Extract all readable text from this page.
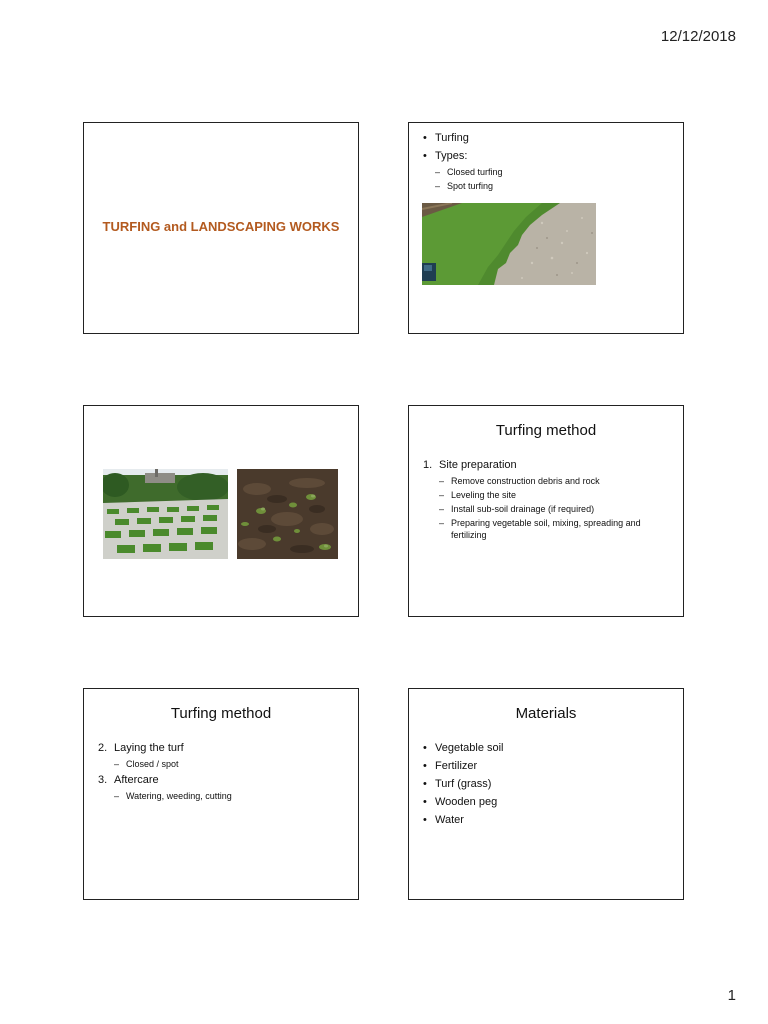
12/12/2018
TURFING and LANDSCAPING WORKS
• Turfing
• Types:
– Closed turfing
– Spot turfing
Turfing method
1. Site preparation
– Remove construction debris and rock
– Leveling the site
– Install sub-soil drainage (if required)
– Preparing vegetable soil, mixing, spreading and fertilizing
Turfing method
2. Laying the turf
– Closed / spot
3. Aftercare
– Watering, weeding, cutting
Materials
• Vegetable soil
• Fertilizer
• Turf (grass)
• Wooden peg
• Water
1
